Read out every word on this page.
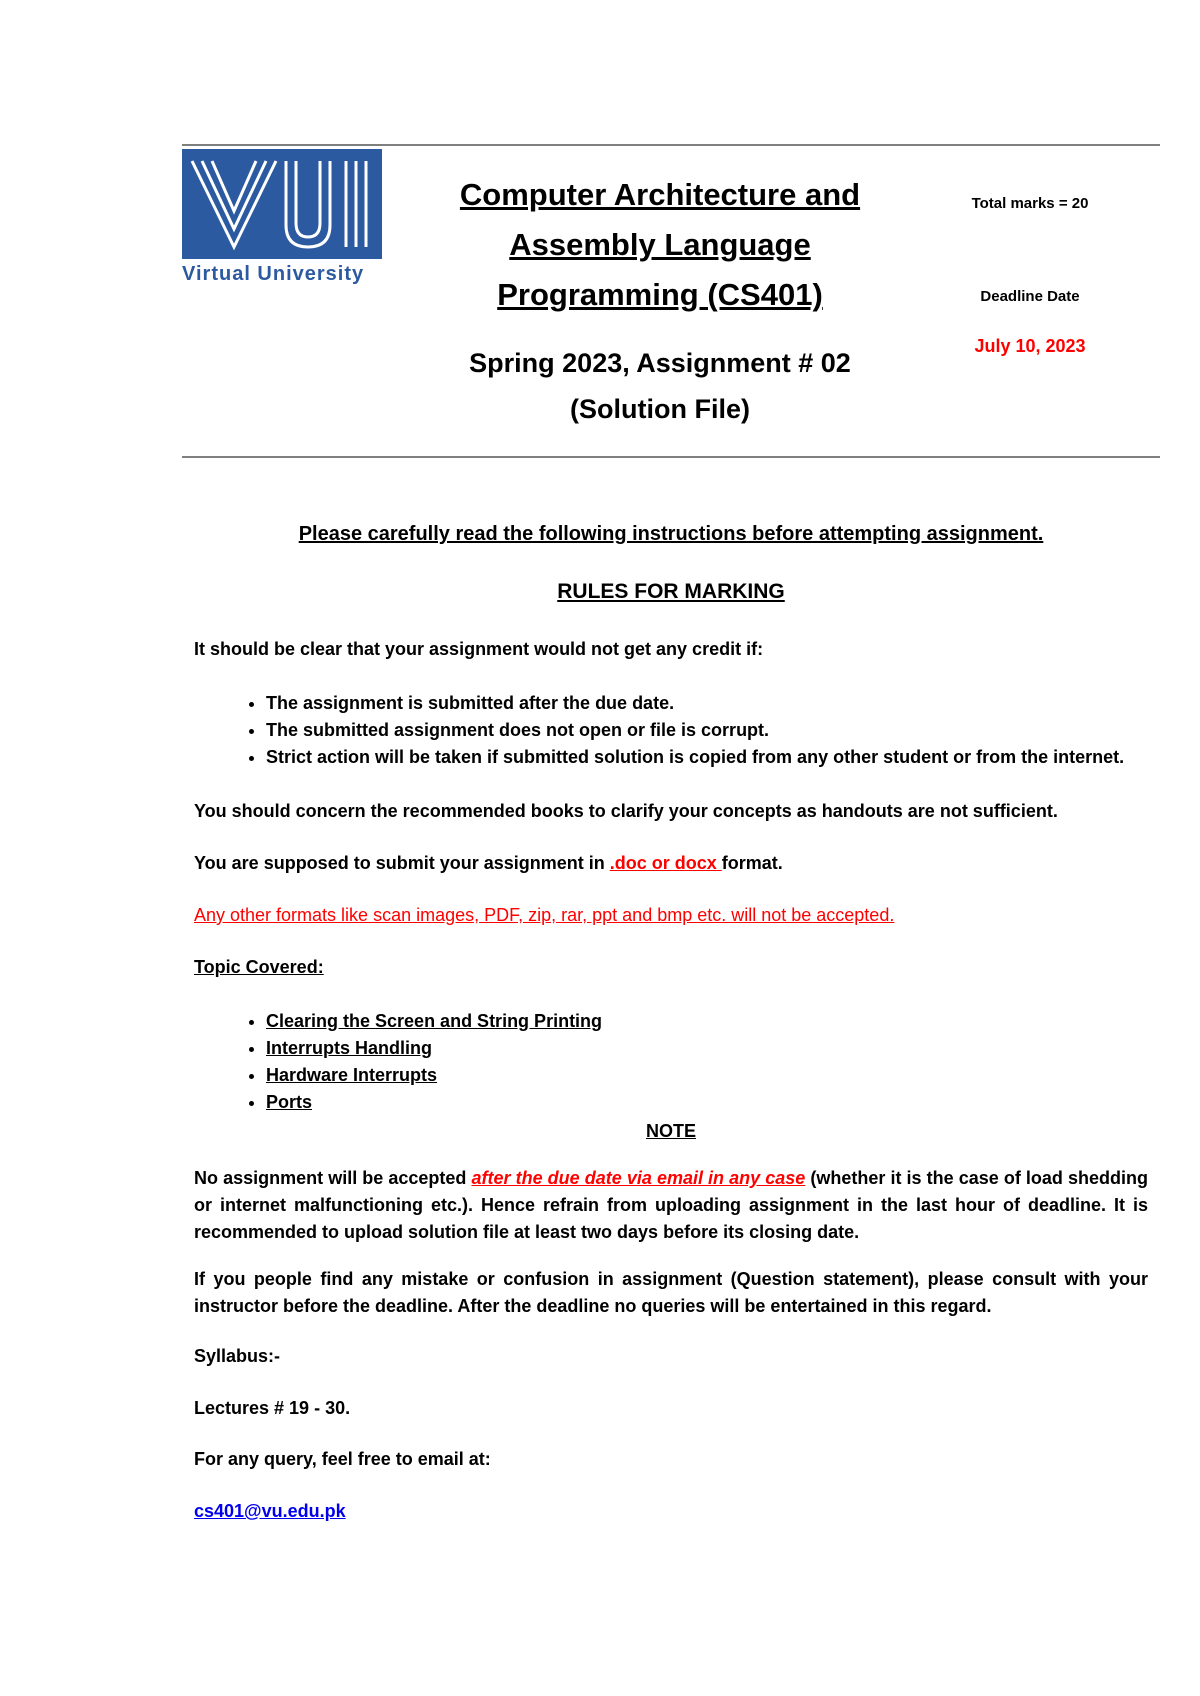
Virtual University
Computer Architecture and
Assembly Language
Programming (CS401)
Spring 2023, Assignment # 02
(Solution File)
Total marks = 20
Deadline Date
July 10, 2023
Please carefully read the following instructions before attempting assignment.
RULES FOR MARKING
It should be clear that your assignment would not get any credit if:
• The assignment is submitted after the due date.
• The submitted assignment does not open or file is corrupt.
• Strict action will be taken if submitted solution is copied from any other student or from the internet.
You should concern the recommended books to clarify your concepts as handouts are not sufficient.
You are supposed to submit your assignment in .doc or docx format.
Any other formats like scan images, PDF, zip, rar, ppt and bmp etc. will not be accepted.
Topic Covered:
• Clearing the Screen and String Printing
• Interrupts Handling
• Hardware Interrupts
• Ports
NOTE
No assignment will be accepted after the due date via email in any case (whether it is the case of load shedding or internet malfunctioning etc.). Hence refrain from uploading assignment in the last hour of deadline. It is recommended to upload solution file at least two days before its closing date.
If you people find any mistake or confusion in assignment (Question statement), please consult with your instructor before the deadline. After the deadline no queries will be entertained in this regard.
Syllabus:-
Lectures # 19 - 30.
For any query, feel free to email at:
cs401@vu.edu.pk
